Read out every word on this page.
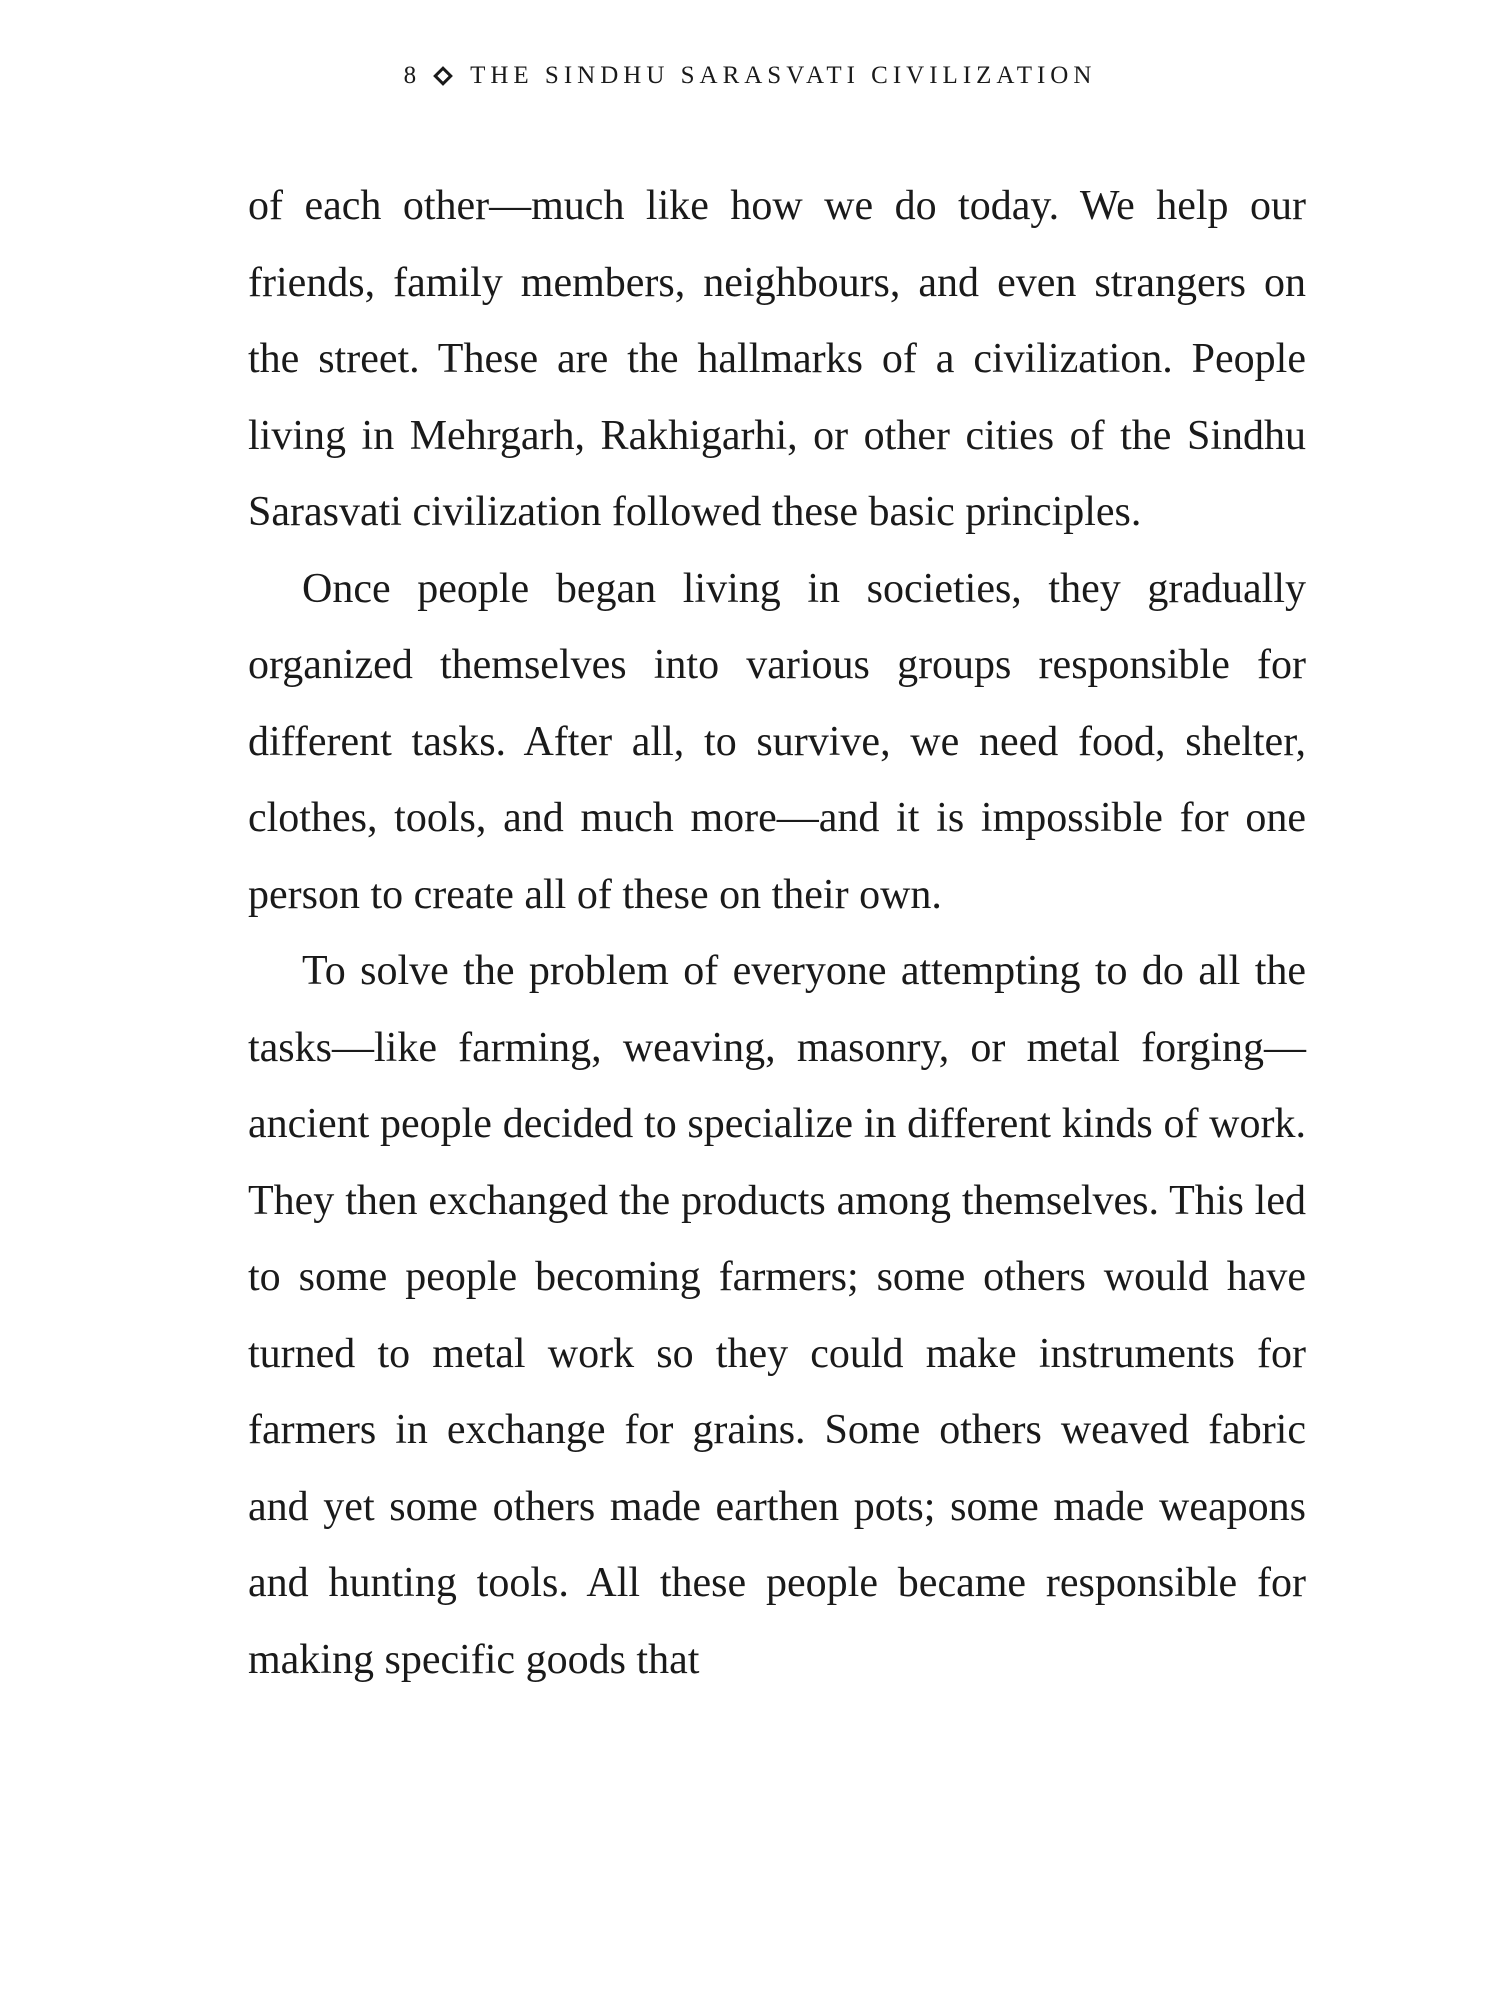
8 THE SINDHU SARASVATI CIVILIZATION

of each other—much like how we do today. We help our friends, family members, neighbours, and even strangers on the street. These are the hallmarks of a civilization. People living in Mehrgarh, Rakhigarhi, or other cities of the Sindhu Sarasvati civilization followed these basic principles.

Once people began living in societies, they gradually organized themselves into various groups responsible for different tasks. After all, to survive, we need food, shelter, clothes, tools, and much more—and it is impossible for one person to create all of these on their own.

To solve the problem of everyone attempting to do all the tasks—like farming, weaving, masonry, or metal forging—ancient people decided to specialize in different kinds of work. They then exchanged the products among themselves. This led to some people becoming farmers; some others would have turned to metal work so they could make instruments for farmers in exchange for grains. Some others weaved fabric and yet some others made earthen pots; some made weapons and hunting tools. All these people became responsible for making specific goods that
